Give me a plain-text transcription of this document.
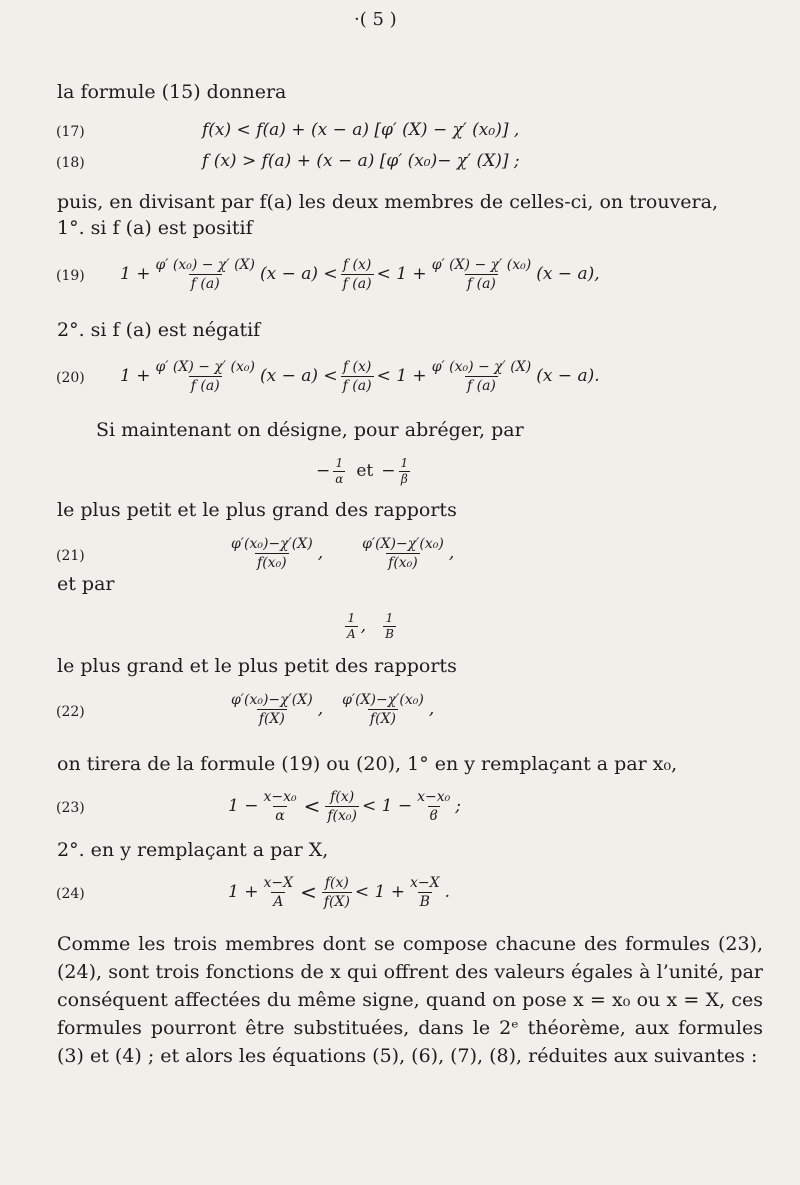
·( 5 )
la formule (15) donnera
(17)	f(x) < f(a) + (x − a) [φ′ (X) − χ′ (x₀)] ,
(18)	f (x) > f(a) + (x − a) [φ′ (x₀)− χ′ (X)] ;
puis, en divisant par f(a) les deux membres de celles-ci, on trouvera,
1°. si f (a) est positif
(19) $1 + \frac{\text{φ′ (x₀) − χ′ (X)}}{f (a)} (x - a) < \frac{f (x)}{f (a)} < 1 + \frac{\text{φ′ (X) − χ′ (x₀)}}{f (a)} (x - a)$,
2°. si f (a) est négatif
(20) $1 + \frac{\text{φ′ (X) − χ′ (x₀)}}{f (a)} (x - a) < \frac{f (x)}{f (a)} < 1 + \frac{\text{φ′ (x₀) − χ′ (X)}}{f (a)} (x - a)$.
Si maintenant on désigne, pour abréger, par
− $\frac{1}{\alpha}$ et − $\frac{1}{\beta}$
le plus petit et le plus grand des rapports
(21)	$\frac{\text{φ′(x₀)−χ′(X)}}{\text{f(x₀)}}$ ,	$\frac{\text{φ′(X)−χ′(x₀)}}{\text{f(x₀)}}$ ,
et par
$\frac{1}{A}$ , $\frac{1}{B}$
le plus grand et le plus petit des rapports
(22)	$\frac{\text{φ′(x₀)−χ′(X)}}{f(X)}$ , $\frac{\text{φ′(X)−χ′(x₀)}}{f(X)}$ ,
on tirera de la formule (19) ou (20), 1° en y remplaçant a par x₀,
(23)	$1 - \frac{\text{x−x₀}}{\alpha} < \frac{f(x)}{\text{f(x₀)}} < 1 - \frac{\text{x−x₀}}{ϐ}$ ;
2°. en y remplaçant a par X,
(24)	$1 + \frac{x-X}{A} < \frac{f(x)}{f(X)} < 1 + \frac{x-X}{B}$ .
Comme les trois membres dont se compose chacune des formules (23), (24), sont trois fonctions de x qui offrent des valeurs égales à l’unité, par conséquent affectées du même signe, quand on pose x = x₀ ou x = X, ces formules pourront être substituées, dans le 2ᵉ théorème, aux formules (3) et (4) ; et alors les équations (5), (6), (7), (8), réduites aux suivantes :
